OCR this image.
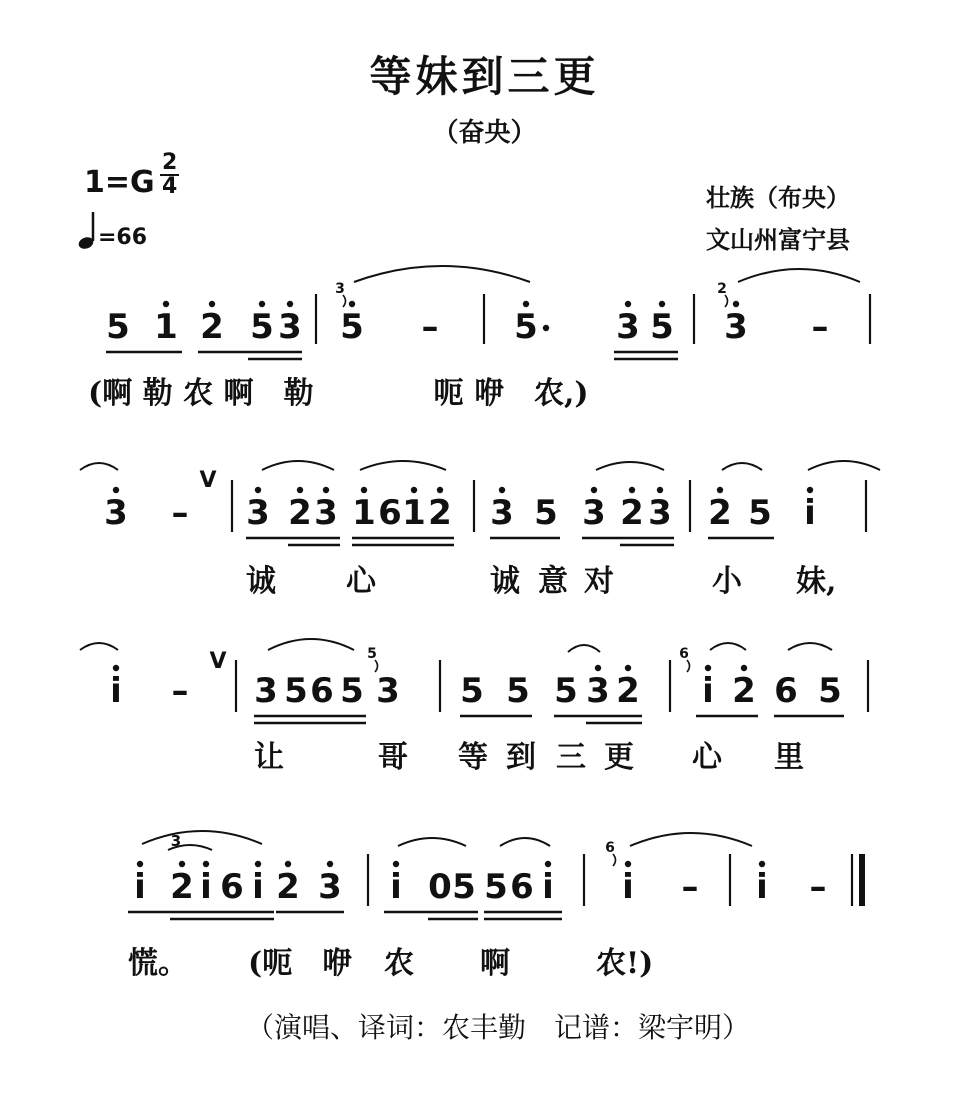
等妹到三更
（奋央）
1=G
2
4
=66
壮族（布央）
文山州富宁县
5 1 2 5 3 5
3
– 5 3 5 3
2
–
3 –
V
3 2 3 1 6 1 2 3 5 3 2 3 2 5 i
i –
V
3 5 6 5 3
5
5 5 5 3 2 i
6
2 6 5
i 2 i 6 i 2 3
3
i 0 5 5 6 i i
6
– i –
(啊 勒 农 啊　勒　　　　呃 咿　农,)
诚 心	诚 意 对	小 妹,
让	哥 等 到 三 更 心 里
慌。 (呃 咿 农 啊	农!)
（演唱、译词：农丰勤　记谱：梁宇明）
